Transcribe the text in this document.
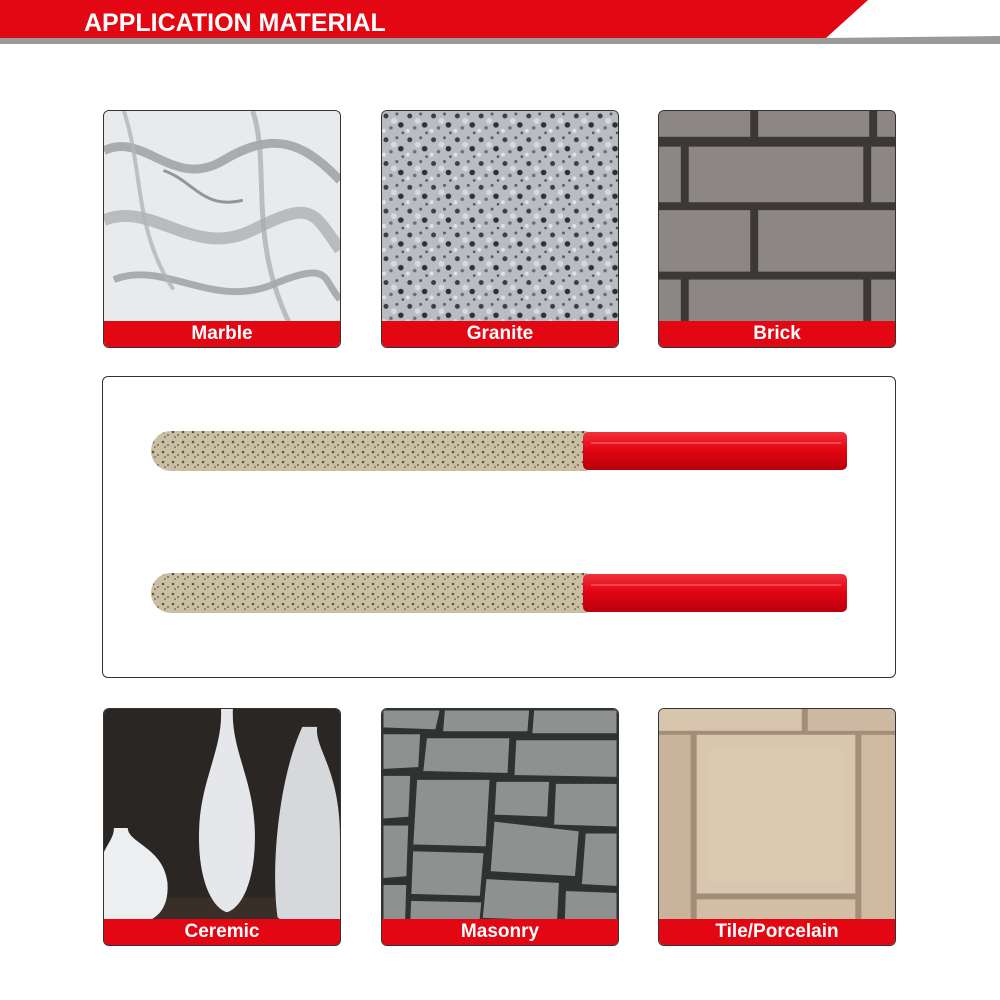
APPLICATION MATERIAL
Marble	Granite	Brick
Ceremic	Masonry	Tile/Porcelain
